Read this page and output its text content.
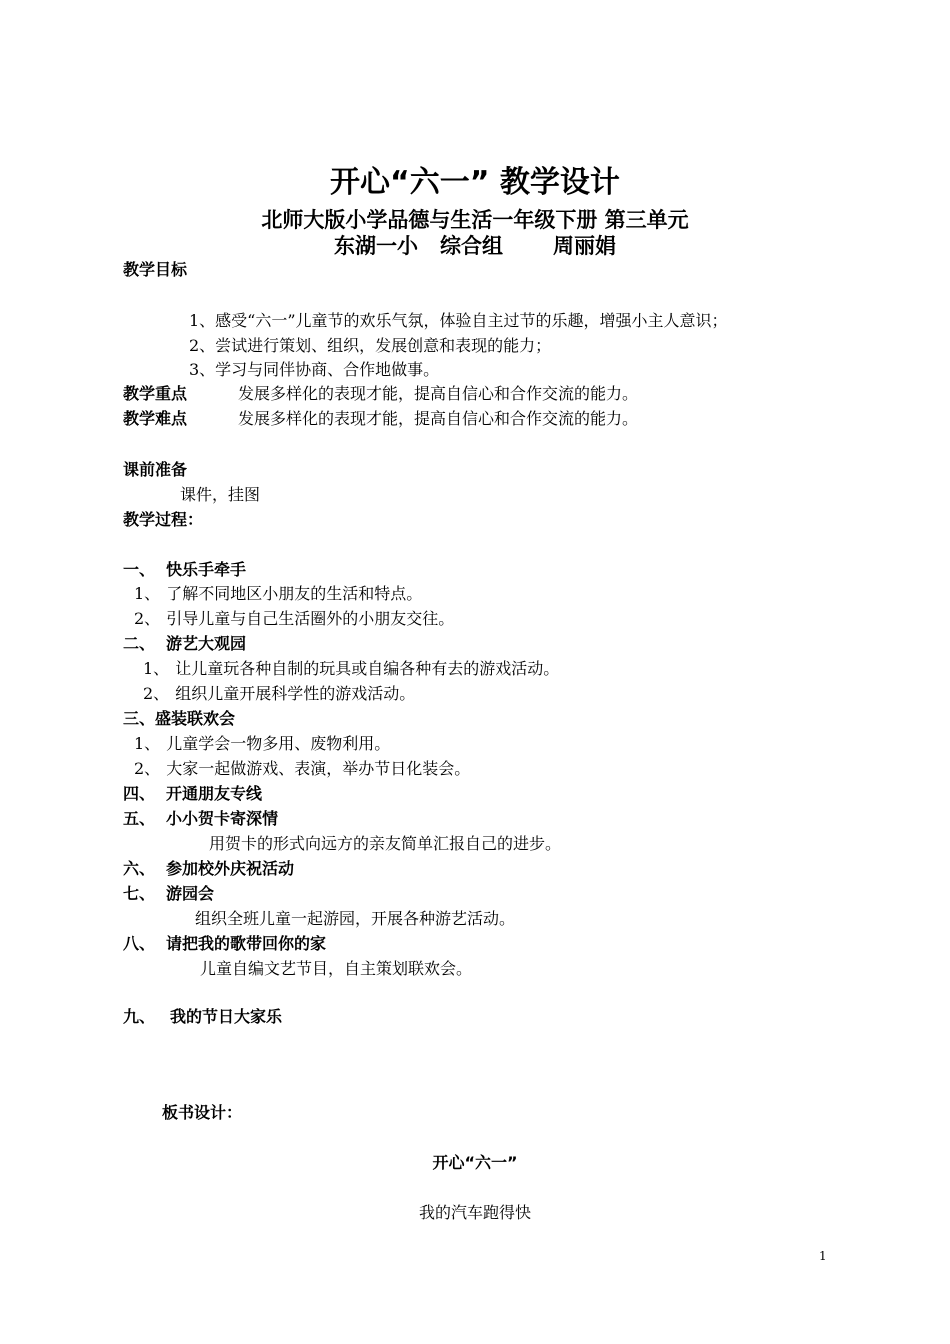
开心“六一” 教学设计
北师大版小学品德与生活一年级下册 第三单元
东湖一小 综合组 周丽娟
教学目标
1、感受“六一”儿童节的欢乐气氛，体验自主过节的乐趣，增强小主人意识；
2、尝试进行策划、组织，发展创意和表现的能力；
3、学习与同伴协商、合作地做事。
教学重点	发展多样化的表现才能，提高自信心和合作交流的能力。
教学难点	发展多样化的表现才能，提高自信心和合作交流的能力。
课前准备
课件，挂图
教学过程：
一、 快乐手牵手
1、 了解不同地区小朋友的生活和特点。
2、 引导儿童与自己生活圈外的小朋友交往。
二、 游艺大观园
1、 让儿童玩各种自制的玩具或自编各种有去的游戏活动。
2、 组织儿童开展科学性的游戏活动。
三、盛装联欢会
1、 儿童学会一物多用、废物利用。
2、 大家一起做游戏、表演，举办节日化装会。
四、 开通朋友专线
五、 小小贺卡寄深情
用贺卡的形式向远方的亲友简单汇报自己的进步。
六、 参加校外庆祝活动
七、 游园会
组织全班儿童一起游园，开展各种游艺活动。
八、 请把我的歌带回你的家
儿童自编文艺节目，自主策划联欢会。
九、 我的节日大家乐
板书设计：
开心“六一”
我的汽车跑得快
1
